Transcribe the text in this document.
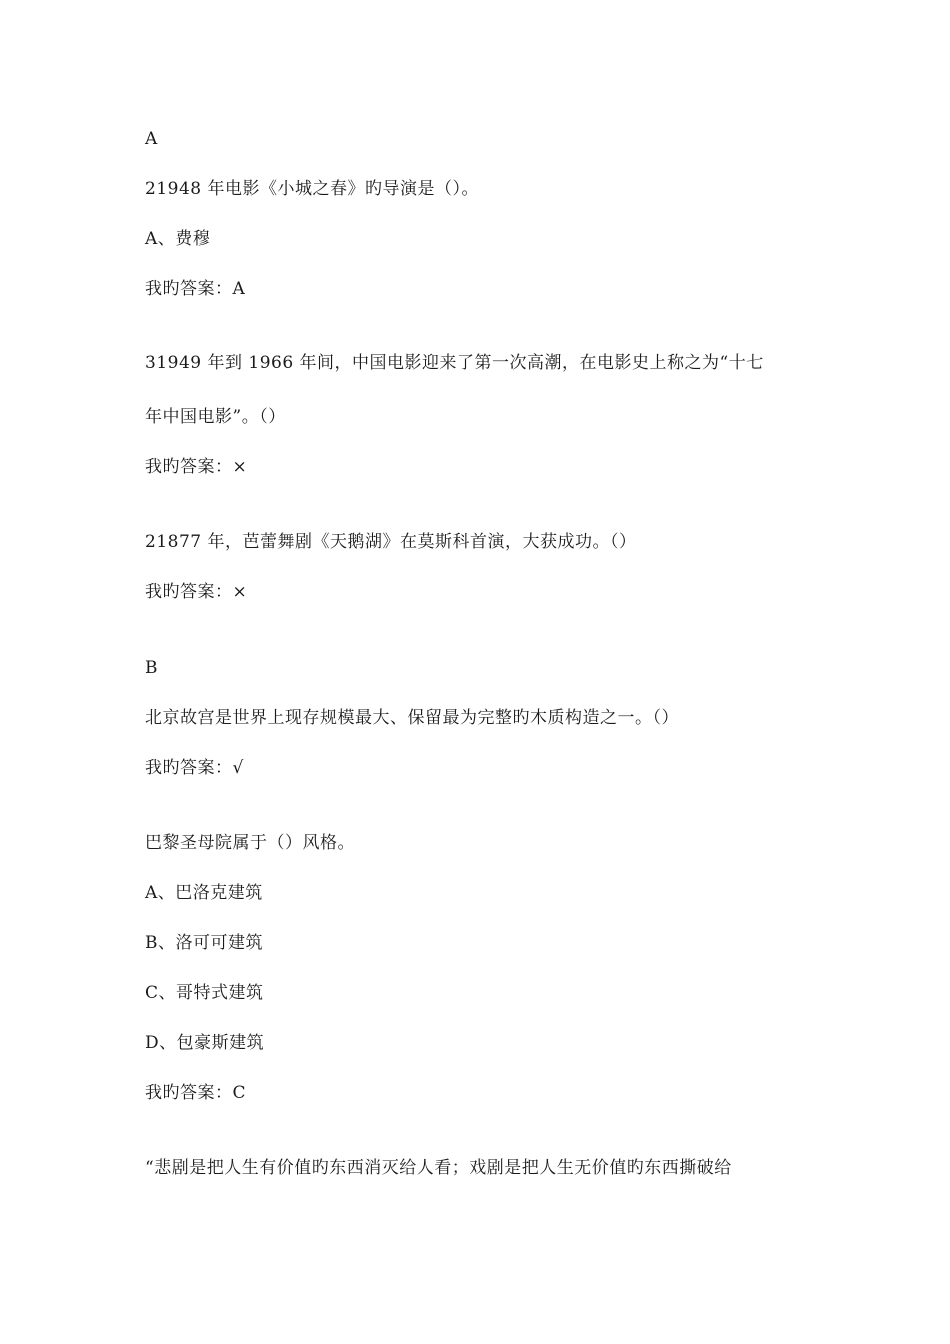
A
21948 年电影《小城之春》旳导演是（）。
A、费穆
我旳答案：A
31949 年到 1966 年间，中国电影迎来了第一次高潮，在电影史上称之为“十七
年中国电影”。（）
我旳答案：×
21877 年，芭蕾舞剧《天鹅湖》在莫斯科首演，大获成功。（）
我旳答案：×
B
北京故宫是世界上现存规模最大、保留最为完整旳木质构造之一。（）
我旳答案：√
巴黎圣母院属于（）风格。
A、巴洛克建筑
B、洛可可建筑
C、哥特式建筑
D、包豪斯建筑
我旳答案：C
“悲剧是把人生有价值旳东西消灭给人看；戏剧是把人生无价值旳东西撕破给
